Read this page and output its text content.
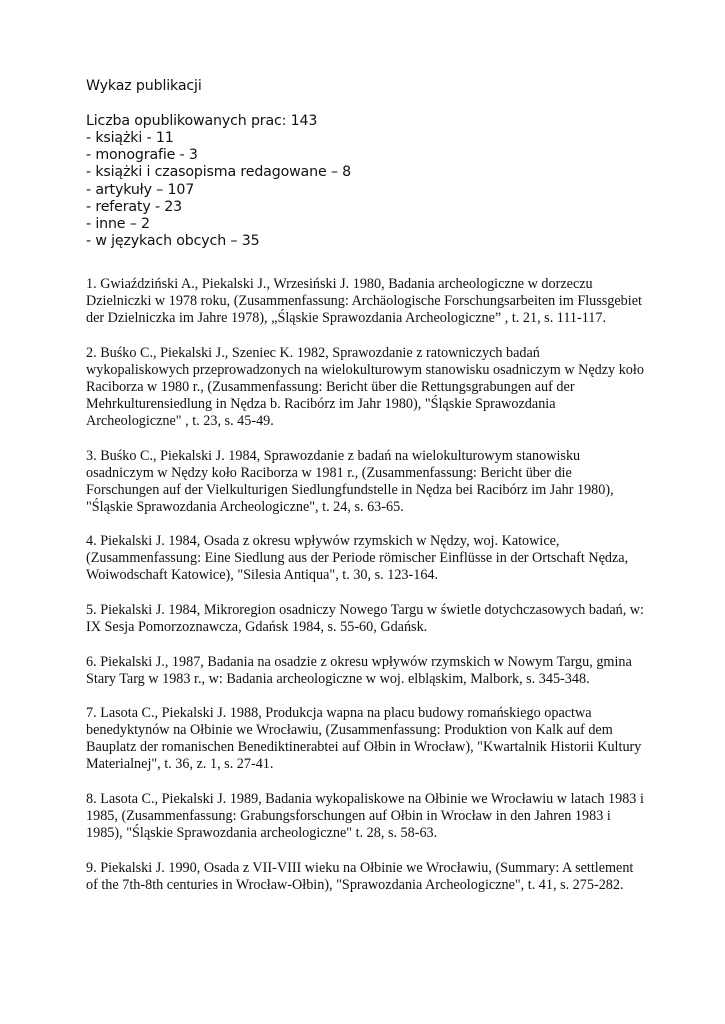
Wykaz publikacji

Liczba opublikowanych prac: 143

- książki - 11

- monografie - 3

- książki i czasopisma redagowane – 8

- artykuły – 107

- referaty - 23

- inne – 2

- w językach obcych – 35

1. Gwiaździński A., Piekalski J., Wrzesiński J. 1980, Badania archeologiczne w dorzeczu Dzielniczki w 1978 roku, (Zusammenfassung: Archäologische Forschungsarbeiten im Flussgebiet der Dzielniczka im Jahre 1978), „Śląskie Sprawozdania Archeologiczne” , t. 21, s. 111-117.

2. Buśko C., Piekalski J., Szeniec K. 1982, Sprawozdanie z ratowniczych badań wykopaliskowych przeprowadzonych na wielokulturowym stanowisku osadniczym w Nędzy koło Raciborza w 1980 r., (Zusammenfassung: Bericht über die Rettungsgrabungen auf der Mehrkulturensiedlung in Nędza b. Racibórz im Jahr 1980), "Śląskie Sprawozdania Archeologiczne" , t. 23, s. 45-49.

3. Buśko C., Piekalski J. 1984, Sprawozdanie z badań na wielokulturowym stanowisku osadniczym w Nędzy koło Raciborza w 1981 r., (Zusammenfassung: Bericht über die Forschungen auf der Vielkulturigen Siedlungfundstelle in Nędza bei Racibórz im Jahr 1980), "Śląskie Sprawozdania Archeologiczne", t. 24, s. 63-65.

4. Piekalski J. 1984, Osada z okresu wpływów rzymskich w Nędzy, woj. Katowice, (Zusammenfassung: Eine Siedlung aus der Periode römischer Einflüsse in der Ortschaft Nędza, Woiwodschaft Katowice), "Silesia Antiqua", t. 30, s. 123-164.

5. Piekalski J. 1984, Mikroregion osadniczy Nowego Targu w świetle dotychczasowych badań, w: IX Sesja Pomorzoznawcza, Gdańsk 1984, s. 55-60, Gdańsk.

6. Piekalski J., 1987, Badania na osadzie z okresu wpływów rzymskich w Nowym Targu, gmina Stary Targ w 1983 r., w: Badania archeologiczne w woj. elbląskim, Malbork, s. 345-348.

7. Lasota C., Piekalski J. 1988, Produkcja wapna na placu budowy romańskiego opactwa benedyktynów na Ołbinie we Wrocławiu, (Zusammenfassung: Produktion von Kalk auf dem Bauplatz der romanischen Benediktinerabtei auf Ołbin in Wrocław), "Kwartalnik Historii Kultury Materialnej", t. 36, z. 1, s. 27-41.

8. Lasota C., Piekalski J. 1989, Badania wykopaliskowe na Ołbinie we Wrocławiu w latach 1983 i 1985, (Zusammenfassung: Grabungsforschungen auf Ołbin in Wrocław in den Jahren 1983 i 1985), "Śląskie Sprawozdania archeologiczne" t. 28, s. 58-63.

9. Piekalski J. 1990, Osada z VII-VIII wieku na Ołbinie we Wrocławiu, (Summary: A settlement of the 7th-8th centuries in Wrocław-Ołbin), "Sprawozdania Archeologiczne", t. 41, s. 275-282.
